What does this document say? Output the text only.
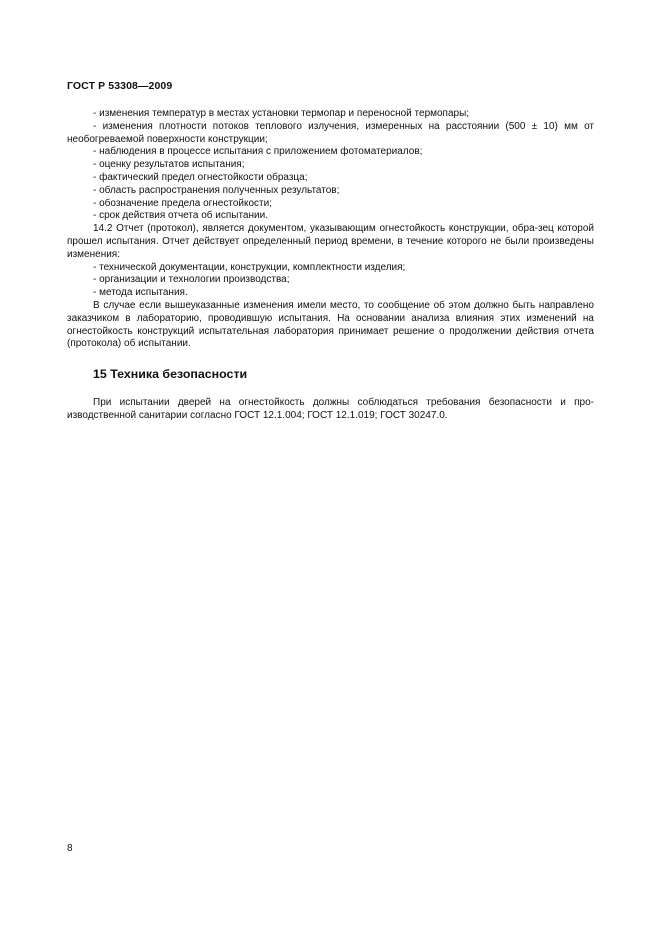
ГОСТ Р 53308—2009

- изменения температур в местах установки термопар и переносной термопары;

- изменения плотности потоков теплового излучения, измеренных на расстоянии (500 ± 10) мм от необогреваемой поверхности конструкции;

- наблюдения в процессе испытания с приложением фотоматериалов;

- оценку результатов испытания;

- фактический предел огнестойкости образца;

- область распространения полученных результатов;

- обозначение предела огнестойкости;

- срок действия отчета об испытании.

14.2 Отчет (протокол), является документом, указывающим огнестойкость конструкции, обра-зец которой прошел испытания. Отчет действует определенный период времени, в течение которого не были произведены изменения:

- технической документации, конструкции, комплектности изделия;

- организации и технологии производства;

- метода испытания.

В случае если вышеуказанные изменения имели место, то сообщение об этом должно быть направлено заказчиком в лабораторию, проводившую испытания. На основании анализа влияния этих изменений на огнестойкость конструкций испытательная лаборатория принимает решение о продолжении действия отчета (протокола) об испытании.

15 Техника безопасности

При испытании дверей на огнестойкость должны соблюдаться требования безопасности и про-изводственной санитарии согласно ГОСТ 12.1.004; ГОСТ 12.1.019; ГОСТ 30247.0.

8
